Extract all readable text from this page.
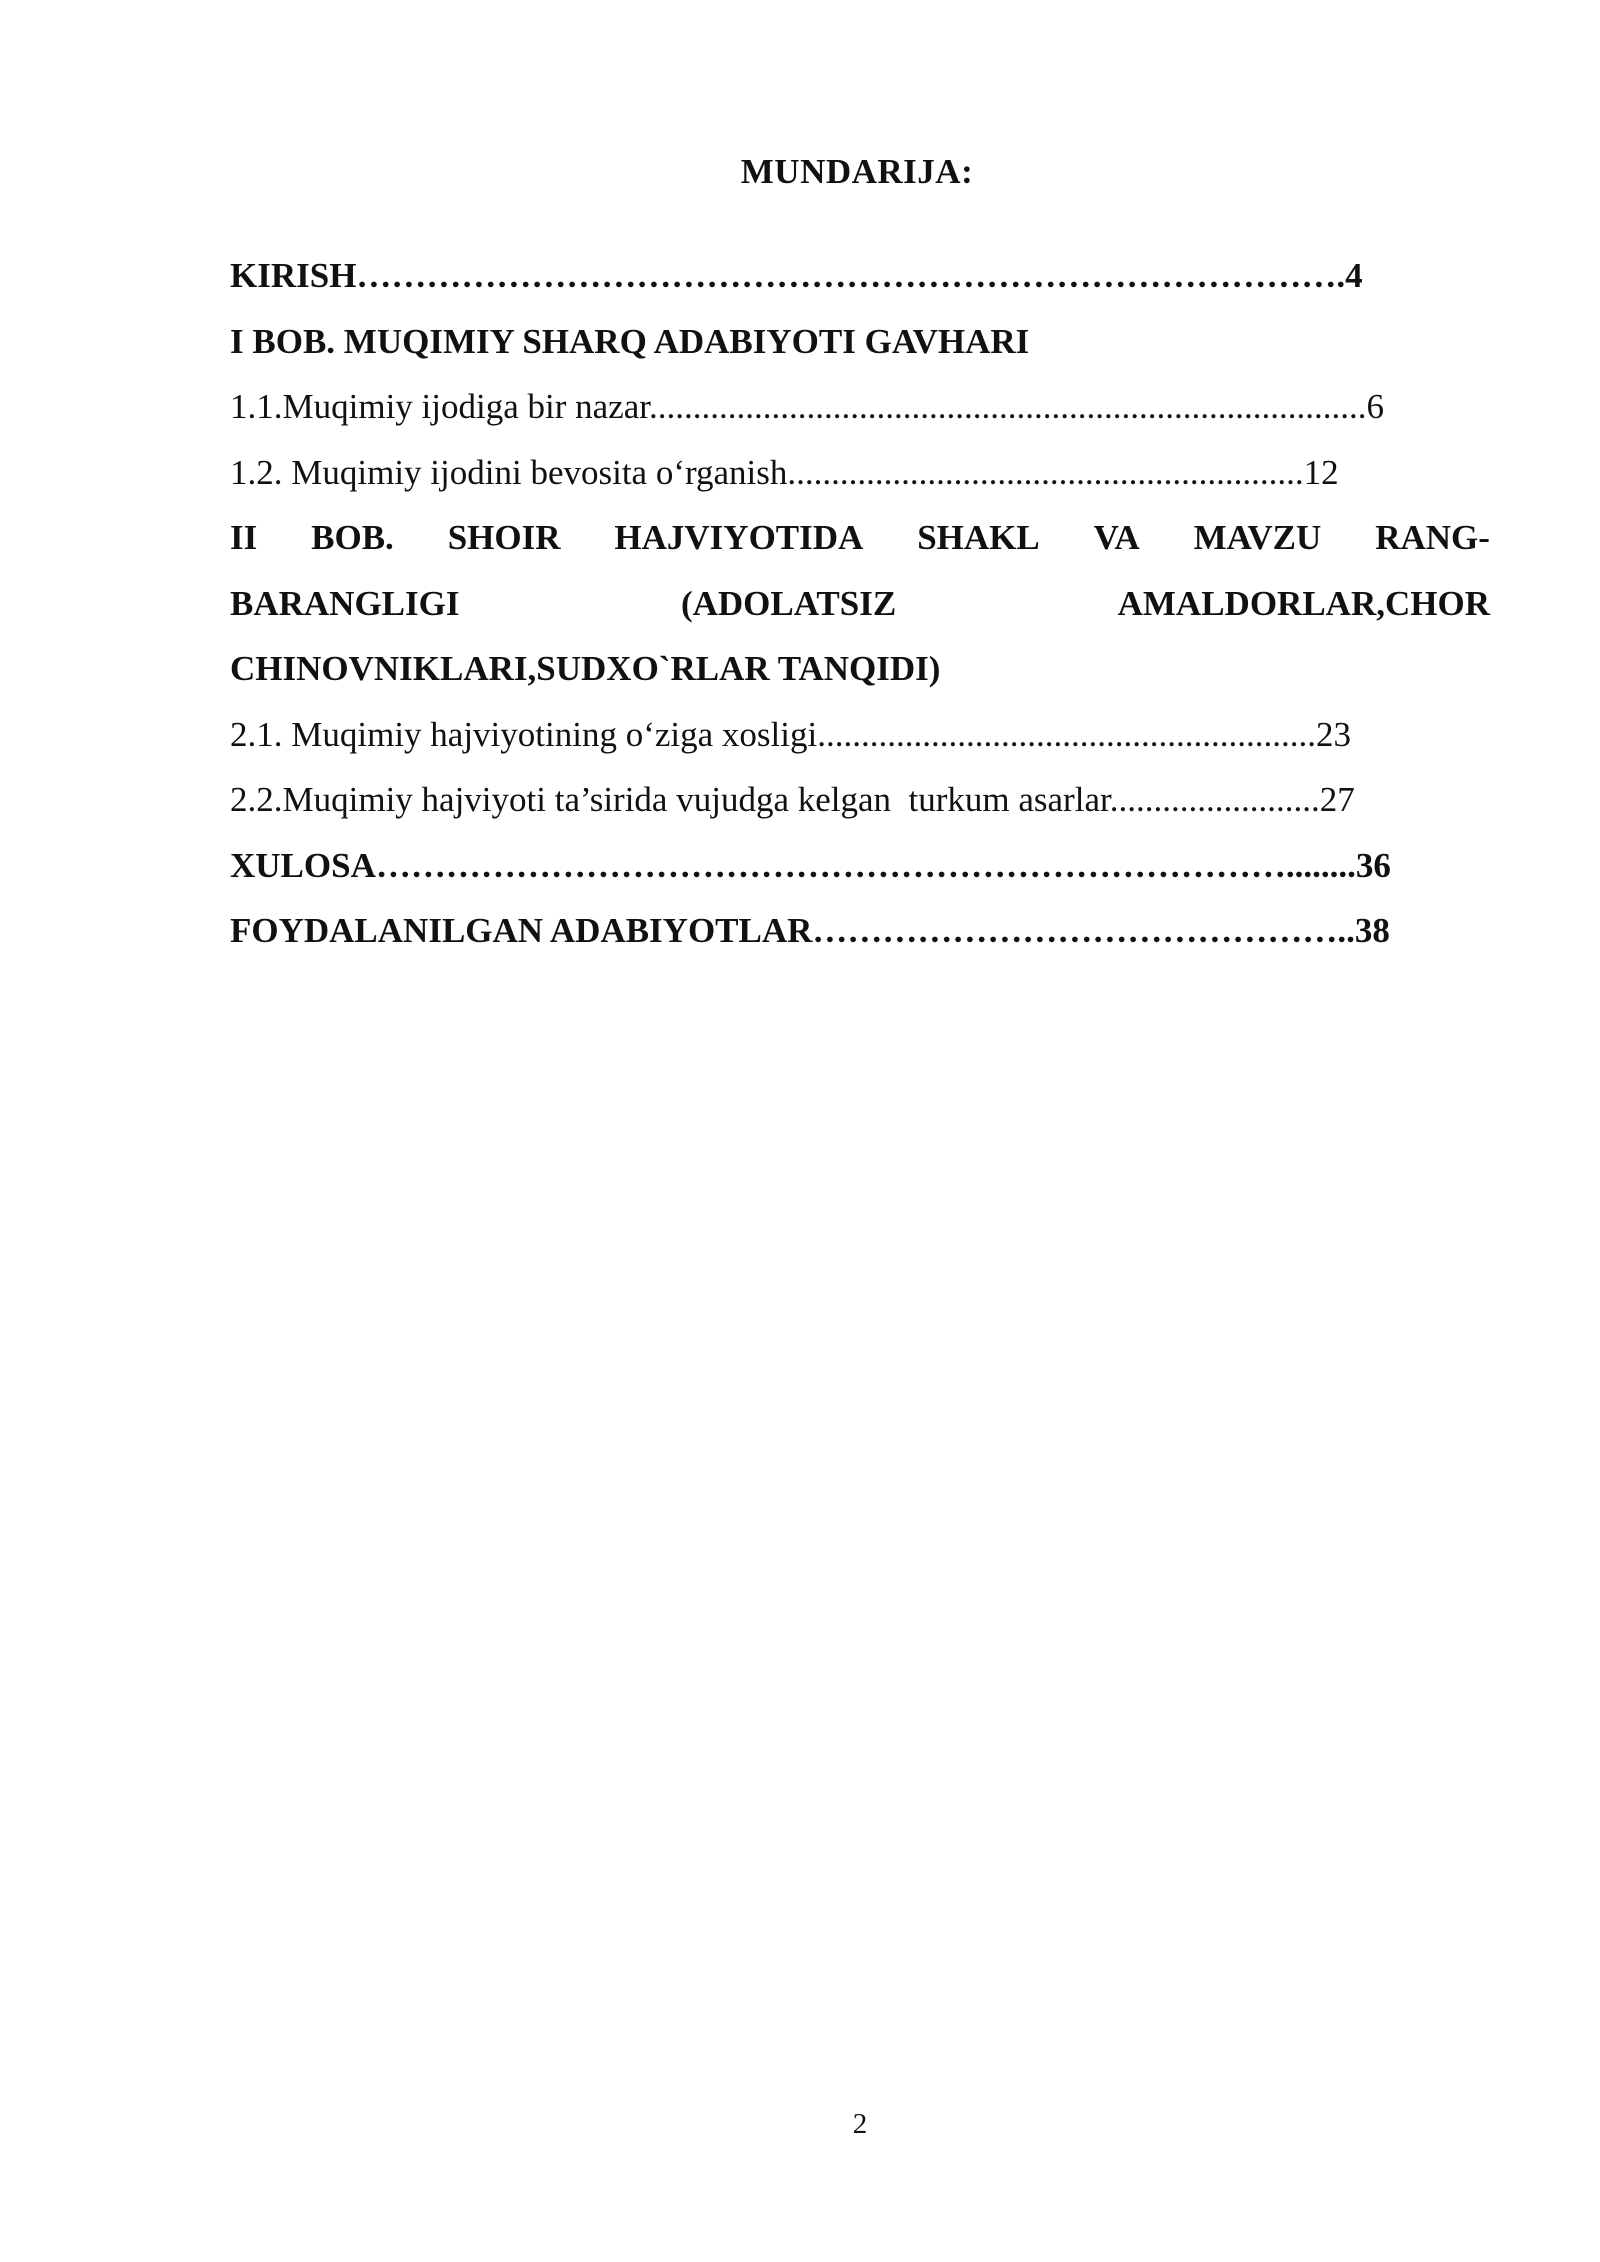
MUNDARIJA:
KIRISH………………………………………………………………………….4
I BOB. MUQIMIY SHARQ ADABIYOTI GAVHARI
1.1.Muqimiy ijodiga bir nazar..................................................................................6
1.2. Muqimiy ijodini bevosita o‘rganish...........................................................12
II BOB. SHOIR HAJVIYOTIDA SHAKL VA MAVZU RANG-
BARANGLIGI	(ADOLATSIZ	AMALDORLAR,CHOR
CHINOVNIKLARI,SUDXO`RLAR TANQIDI)
2.1. Muqimiy hajviyotining o‘ziga xosligi.........................................................23
2.2.Muqimiy hajviyoti ta’sirida vujudga kelgan  turkum asarlar........................27
XULOSA……………………………………………………………………........36
FOYDALANILGAN ADABIYOTLAR………………………………………..38
2
